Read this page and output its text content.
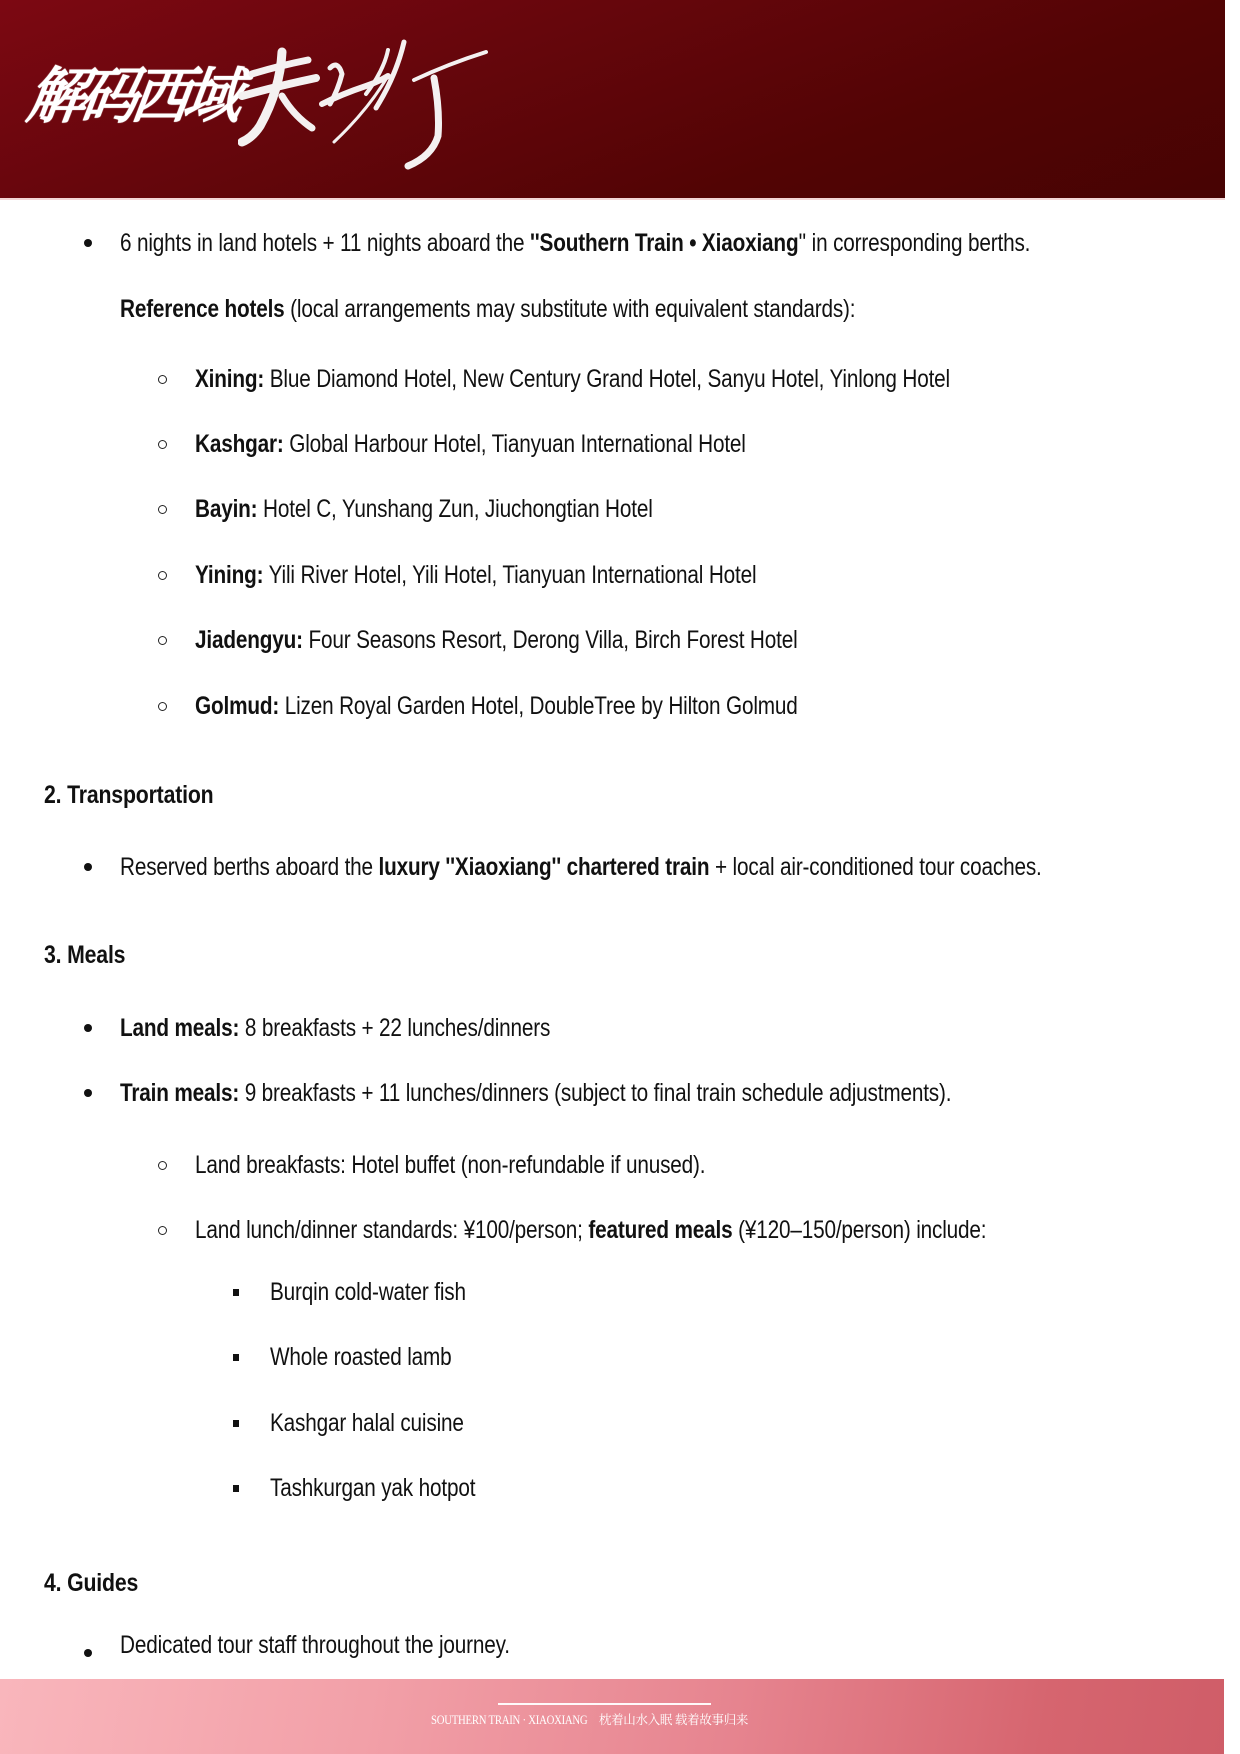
解码西域
6 nights in land hotels + 11 nights aboard the ''Southern Train • Xiaoxiang'' in corresponding berths.
Reference hotels (local arrangements may substitute with equivalent standards):
Xining: Blue Diamond Hotel, New Century Grand Hotel, Sanyu Hotel, Yinlong Hotel
Kashgar: Global Harbour Hotel, Tianyuan International Hotel
Bayin: Hotel C, Yunshang Zun, Jiuchongtian Hotel
Yining: Yili River Hotel, Yili Hotel, Tianyuan International Hotel
Jiadengyu: Four Seasons Resort, Derong Villa, Birch Forest Hotel
Golmud: Lizen Royal Garden Hotel, DoubleTree by Hilton Golmud
2. Transportation
Reserved berths aboard the luxury ''Xiaoxiang'' chartered train + local air-conditioned tour coaches.
3. Meals
Land meals: 8 breakfasts + 22 lunches/dinners
Train meals: 9 breakfasts + 11 lunches/dinners (subject to final train schedule adjustments).
Land breakfasts: Hotel buffet (non-refundable if unused).
Land lunch/dinner standards: ¥100/person; featured meals (¥120–150/person) include:
Burqin cold-water fish
Whole roasted lamb
Kashgar halal cuisine
Tashkurgan yak hotpot
4. Guides
Dedicated tour staff throughout the journey.
SOUTHERN TRAIN · XIAOXIANG 枕着山水入眠 载着故事归来
